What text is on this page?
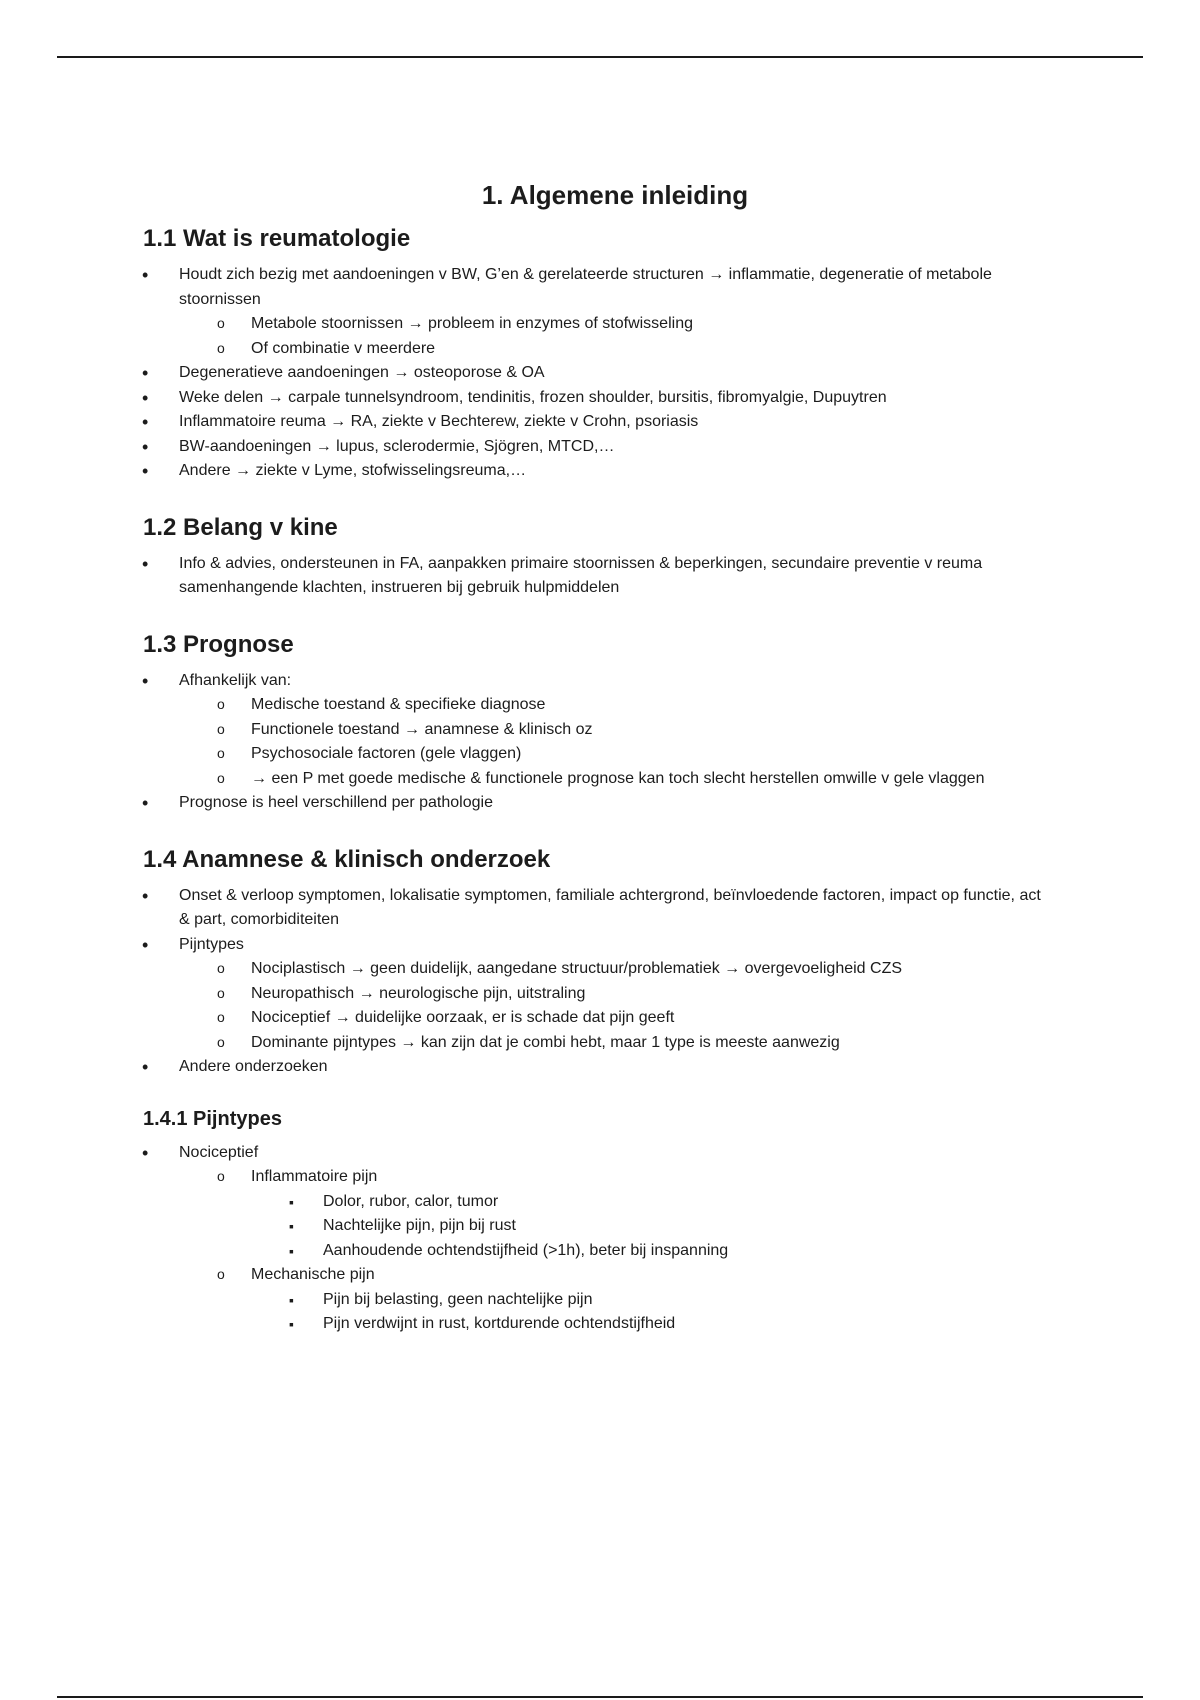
1. Algemene inleiding
1.1 Wat is reumatologie
• Houdt zich bezig met aandoeningen v BW, G’en & gerelateerde structuren → inflammatie, degeneratie of metabole stoornissen
o Metabole stoornissen → probleem in enzymes of stofwisseling
o Of combinatie v meerdere
• Degeneratieve aandoeningen → osteoporose & OA
• Weke delen → carpale tunnelsyndroom, tendinitis, frozen shoulder, bursitis, fibromyalgie, Dupuytren
• Inflammatoire reuma → RA, ziekte v Bechterew, ziekte v Crohn, psoriasis
• BW-aandoeningen → lupus, sclerodermie, Sjögren, MTCD,…
• Andere → ziekte v Lyme, stofwisselingsreuma,…
1.2 Belang v kine
• Info & advies, ondersteunen in FA, aanpakken primaire stoornissen & beperkingen, secundaire preventie v reuma samenhangende klachten, instrueren bij gebruik hulpmiddelen
1.3 Prognose
• Afhankelijk van:
o Medische toestand & specifieke diagnose
o Functionele toestand → anamnese & klinisch oz
o Psychosociale factoren (gele vlaggen)
o → een P met goede medische & functionele prognose kan toch slecht herstellen omwille v gele vlaggen
• Prognose is heel verschillend per pathologie
1.4 Anamnese & klinisch onderzoek
• Onset & verloop symptomen, lokalisatie symptomen, familiale achtergrond, beïnvloedende factoren, impact op functie, act & part, comorbiditeiten
• Pijntypes
o Nociplastisch → geen duidelijk, aangedane structuur/problematiek → overgevoeligheid CZS
o Neuropathisch → neurologische pijn, uitstraling
o Nociceptief → duidelijke oorzaak, er is schade dat pijn geeft
o Dominante pijntypes → kan zijn dat je combi hebt, maar 1 type is meeste aanwezig
• Andere onderzoeken
1.4.1 Pijntypes
• Nociceptief
o Inflammatoire pijn
▪ Dolor, rubor, calor, tumor
▪ Nachtelijke pijn, pijn bij rust
▪ Aanhoudende ochtendstijfheid (>1h), beter bij inspanning
o Mechanische pijn
▪ Pijn bij belasting, geen nachtelijke pijn
▪ Pijn verdwijnt in rust, kortdurende ochtendstijfheid
